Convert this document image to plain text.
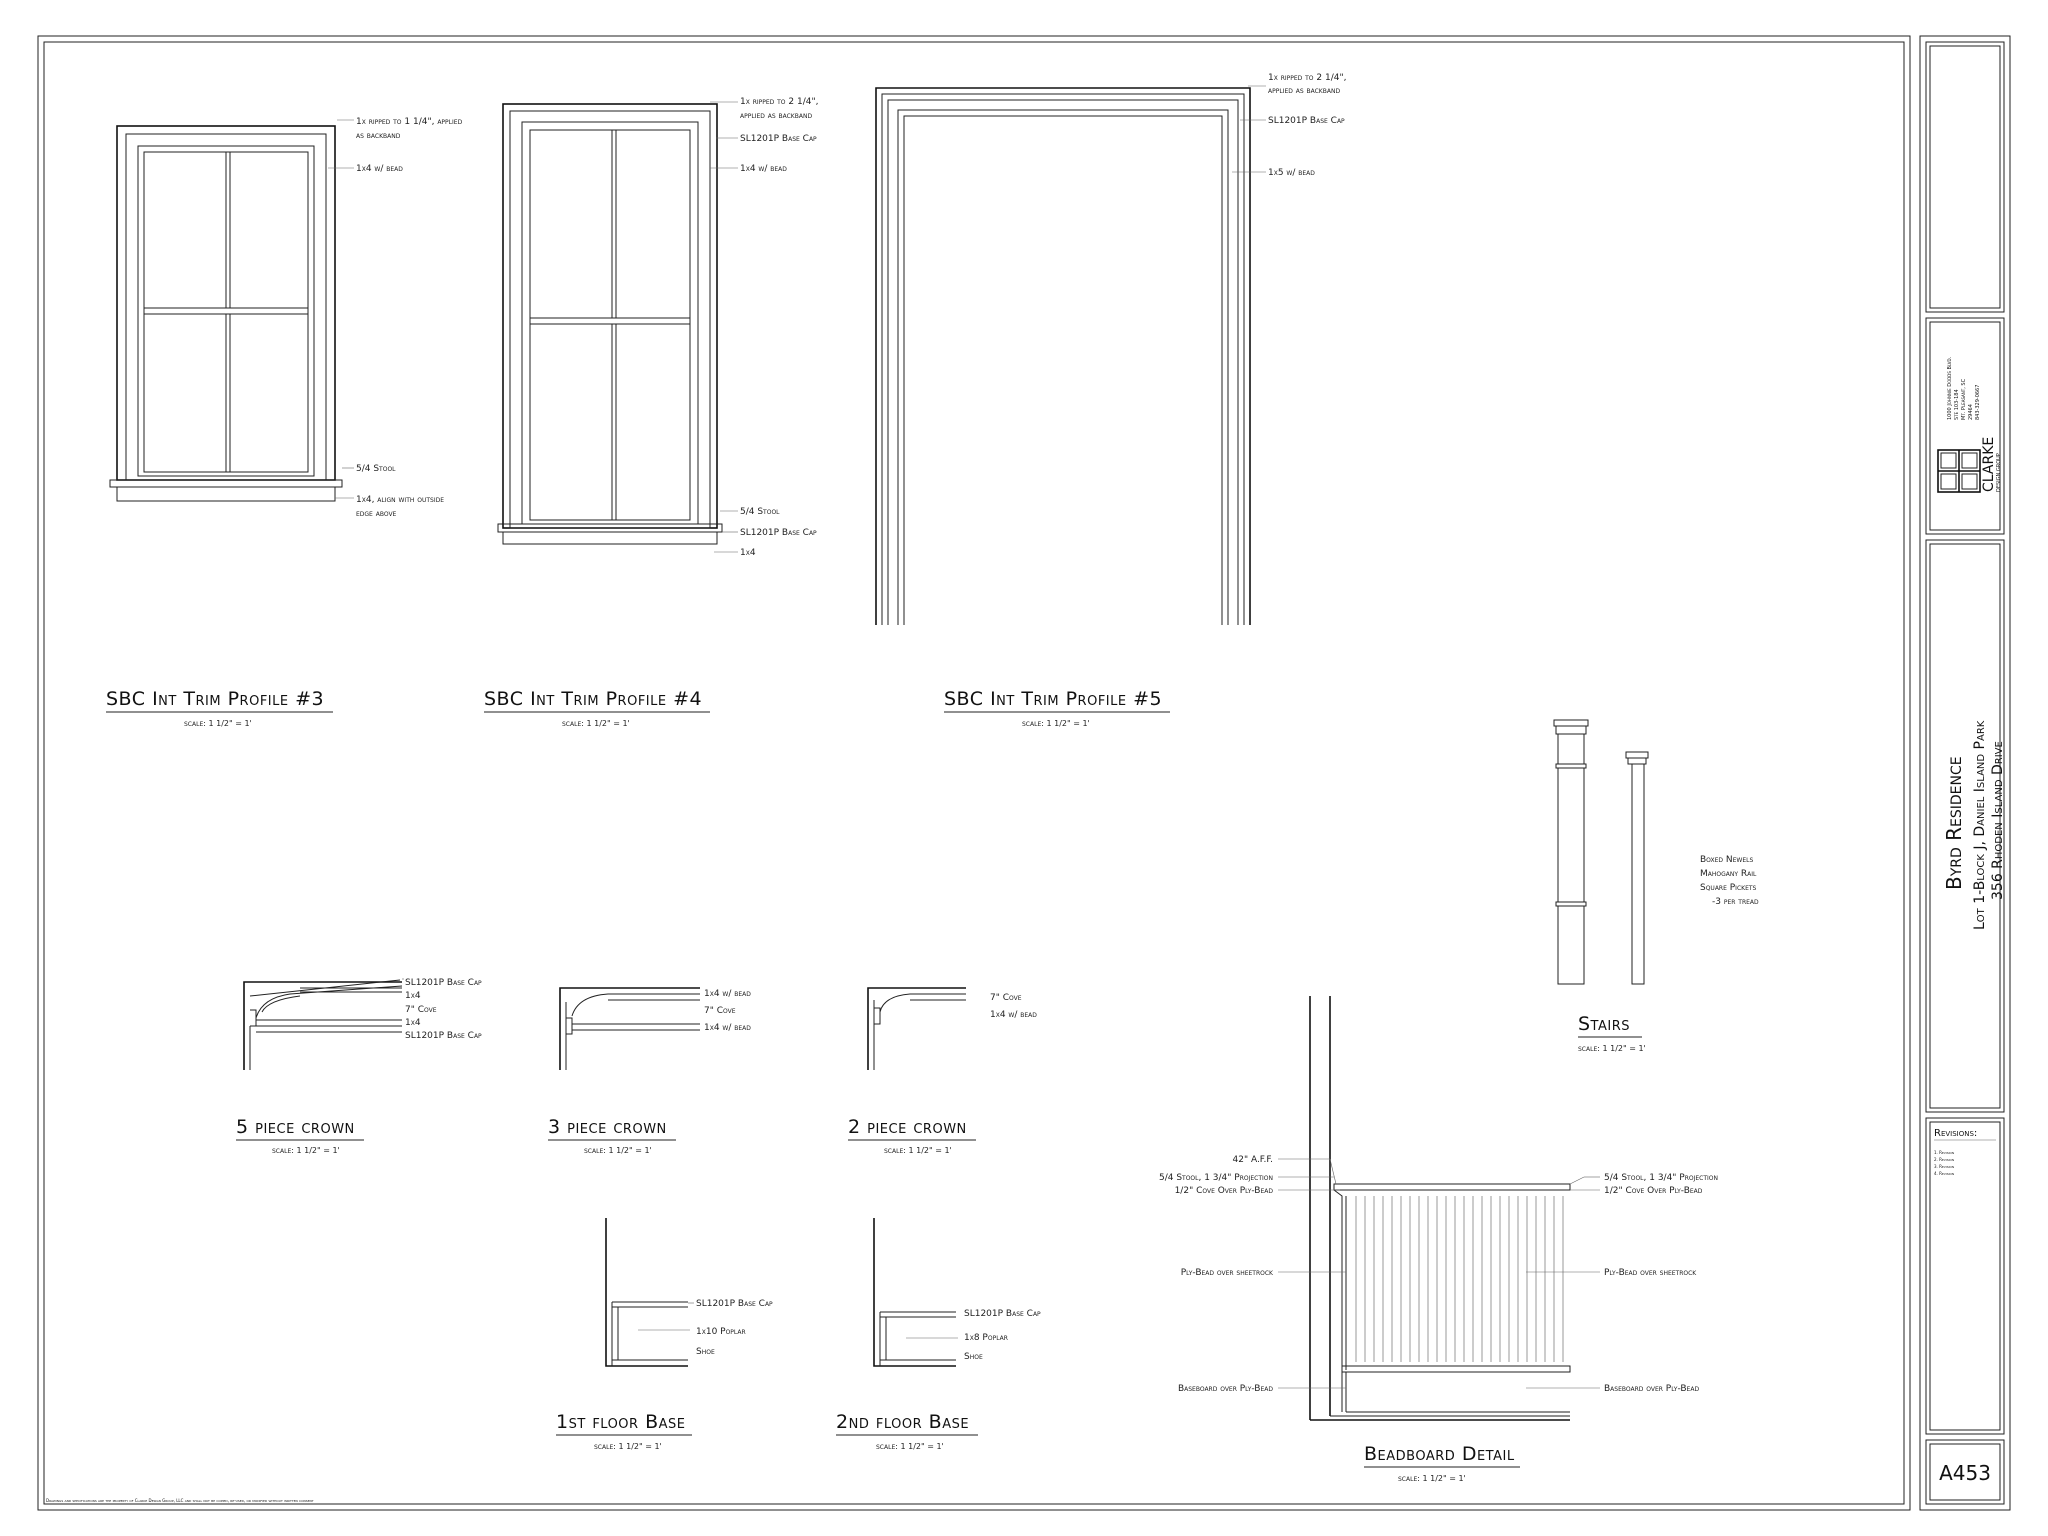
1x ripped to 1 1/4", applied
as backband
1x4 w/ bead
5/4 Stool
1x4, align with outside
edge above
SBC Int Trim Profile #3
scale: 1 1/2" = 1'
1x ripped to 2 1/4",
applied as backband
SL1201P Base Cap
1x4 w/ bead
5/4 Stool
SL1201P Base Cap
1x4
SBC Int Trim Profile #4
scale: 1 1/2" = 1'
1x ripped to 2 1/4",
applied as backband
SL1201P Base Cap
1x5 w/ bead
SBC Int Trim Profile #5
scale: 1 1/2" = 1'
SL1201P Base Cap
1x4
7" Cove
1x4
SL1201P Base Cap
5 piece crown
scale: 1 1/2" = 1'
1x4 w/ bead
7" Cove
1x4 w/ bead
3 piece crown
scale: 1 1/2" = 1'
7" Cove
1x4 w/ bead
2 piece crown
scale: 1 1/2" = 1'
SL1201P Base Cap
1x10 Poplar
Shoe
1st floor Base
scale: 1 1/2" = 1'
SL1201P Base Cap
1x8 Poplar
Shoe
2nd floor Base
scale: 1 1/2" = 1'
Boxed Newels
Mahogany Rail
Square Pickets
-3 per tread
Stairs
scale: 1 1/2" = 1'
42" A.F.F.
5/4 Stool, 1 3/4" Projection
1/2" Cove Over Ply-Bead
Ply-Bead over sheetrock
Baseboard over Ply-Bead
5/4 Stool, 1 3/4" Projection
1/2" Cove Over Ply-Bead
Ply-Bead over sheetrock
Baseboard over Ply-Bead
Beadboard Detail
scale: 1 1/2" = 1'
CLARKE DESIGN GROUP
1000 Johnnie Dodds Blvd. Ste 103-184 Mt. Pleasant, SC 29464 843-329-0667
Byrd Residence Lot 1-Block J, Daniel Island Park 356 Rhoden Island Drive
Revisions:
1. Revision
2. Revision
3. Revision
4. Revision
A453
Drawings and specifications are the property of Clarke Design Group, LLC and shall not be copied, re-used, or modified without written consent
